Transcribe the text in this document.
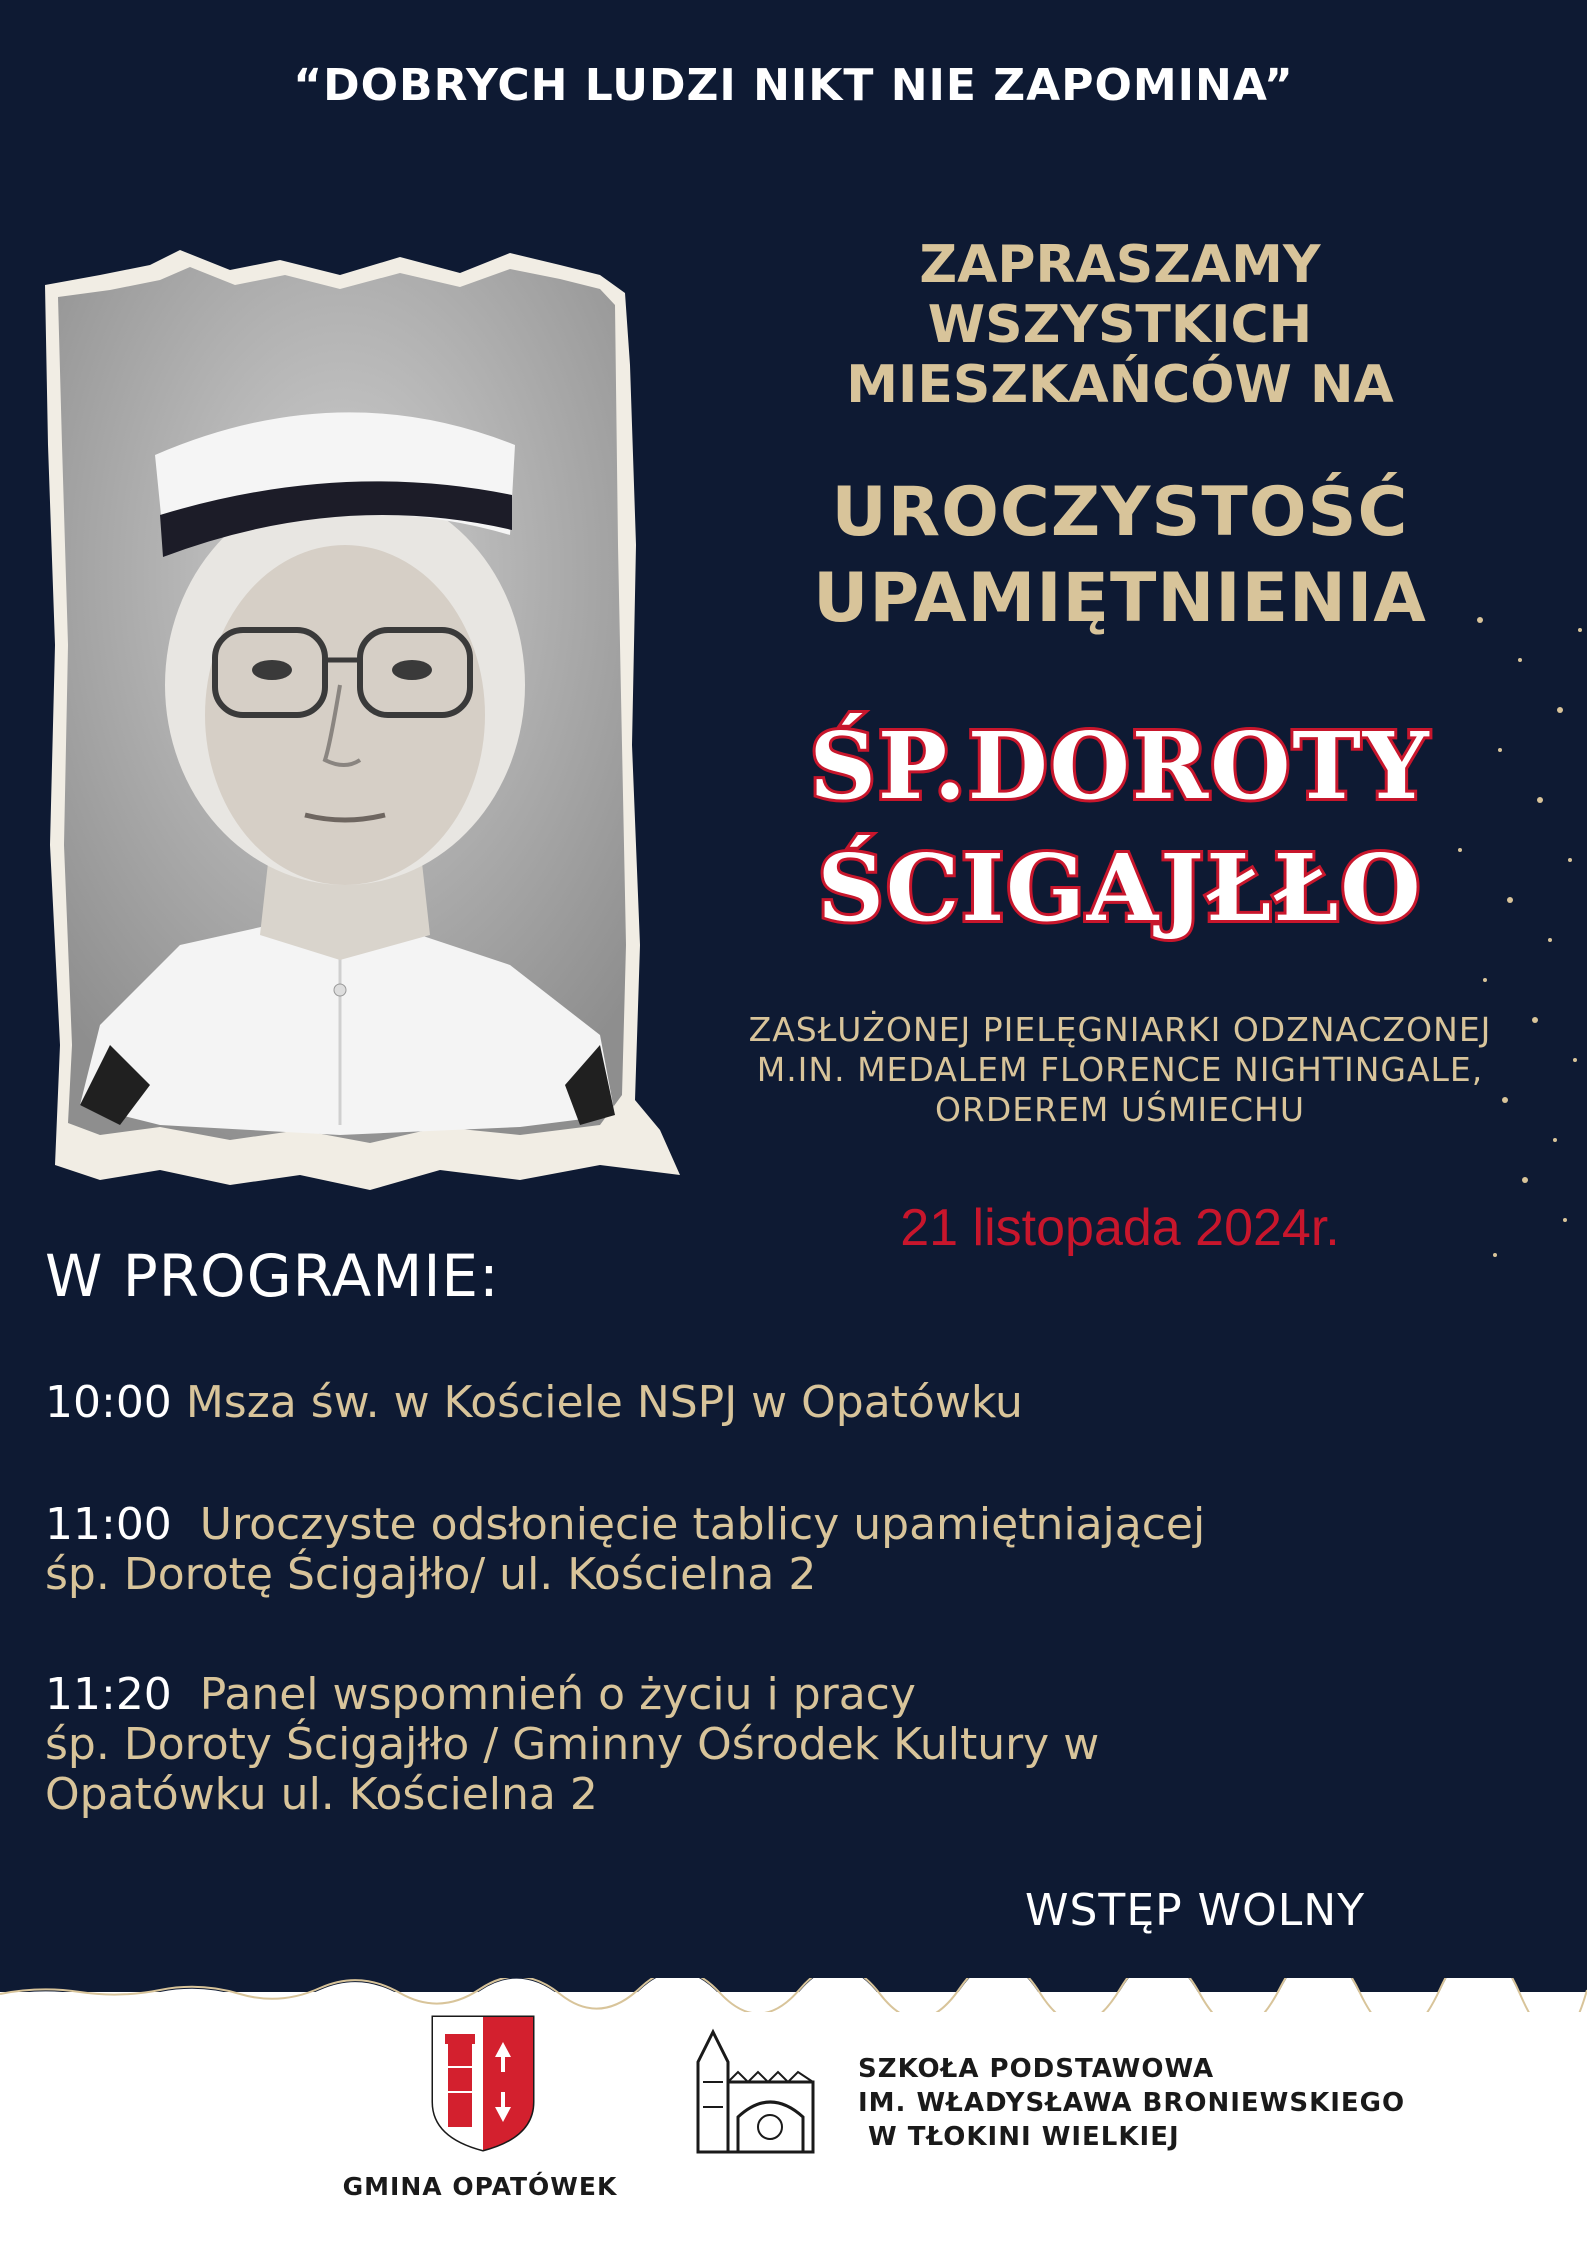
“DOBRYCH LUDZI NIKT NIE ZAPOMINA”
ZAPRASZAMY
WSZYSTKICH
MIESZKAŃCÓW NA
UROCZYSTOŚĆ
UPAMIĘTNIENIA
ŚP.DOROTY
ŚCIGAJŁŁO
ZASŁUŻONEJ PIELĘGNIARKI ODZNACZONEJ
M.IN. MEDALEM FLORENCE NIGHTINGALE,
ORDEREM UŚMIECHU
21 listopada 2024r.
W PROGRAMIE:
10:00 Msza św. w Kościele NSPJ w Opatówku
11:00 Uroczyste odsłonięcie tablicy upamiętniającej
śp. Dorotę Ścigajłło/ ul. Kościelna 2
11:20 Panel wspomnień o życiu i pracy
śp. Doroty Ścigajłło / Gminny Ośrodek Kultury w
Opatówku ul. Kościelna 2
WSTĘP WOLNY
GMINA OPATÓWEK
SZKOŁA PODSTAWOWA
IM. WŁADYSŁAWA BRONIEWSKIEGO
W TŁOKINI WIELKIEJ
